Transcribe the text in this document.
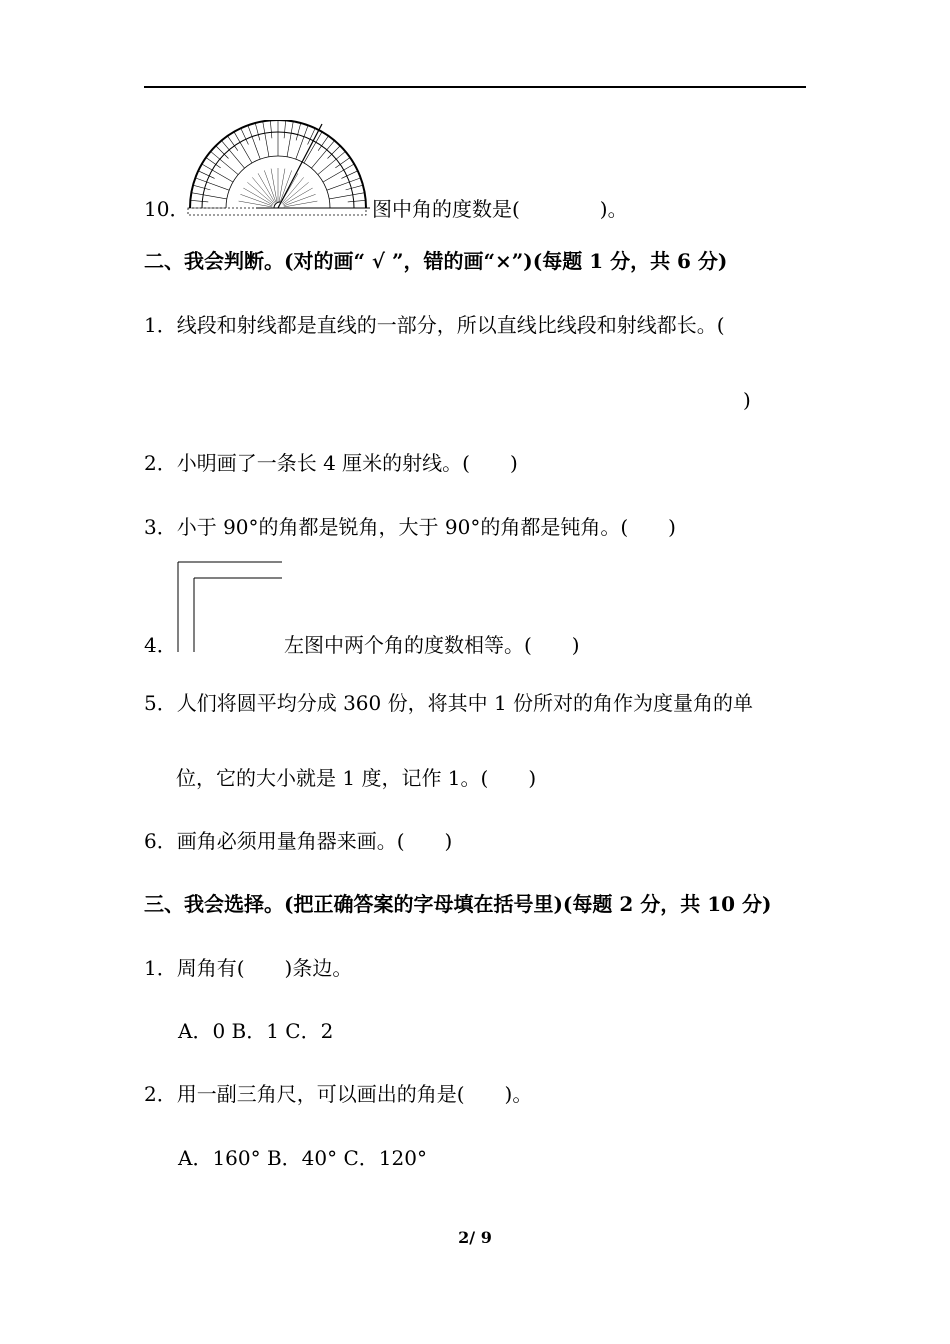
10．	图中角的度数是(　　　　)。
二、我会判断。(对的画“ √ ”，错的画“×”)(每题 1 分，共 6 分)
1．线段和射线都是直线的一部分，所以直线比线段和射线都长。(
)
2．小明画了一条长 4 厘米的射线。(　　)
3．小于 90°的角都是锐角，大于 90°的角都是钝角。(　　)
4．	左图中两个角的度数相等。(　　)
5．人们将圆平均分成 360 份，将其中 1 份所对的角作为度量角的单
位，它的大小就是 1 度，记作 1。(　　)
6．画角必须用量角器来画。(　　)
三、我会选择。(把正确答案的字母填在括号里)(每题 2 分，共 10 分)
1．周角有(　　)条边。
A．0 B．1 C．2
2．用一副三角尺，可以画出的角是(　　)。
A．160° B．40° C．120°
2/ 9
